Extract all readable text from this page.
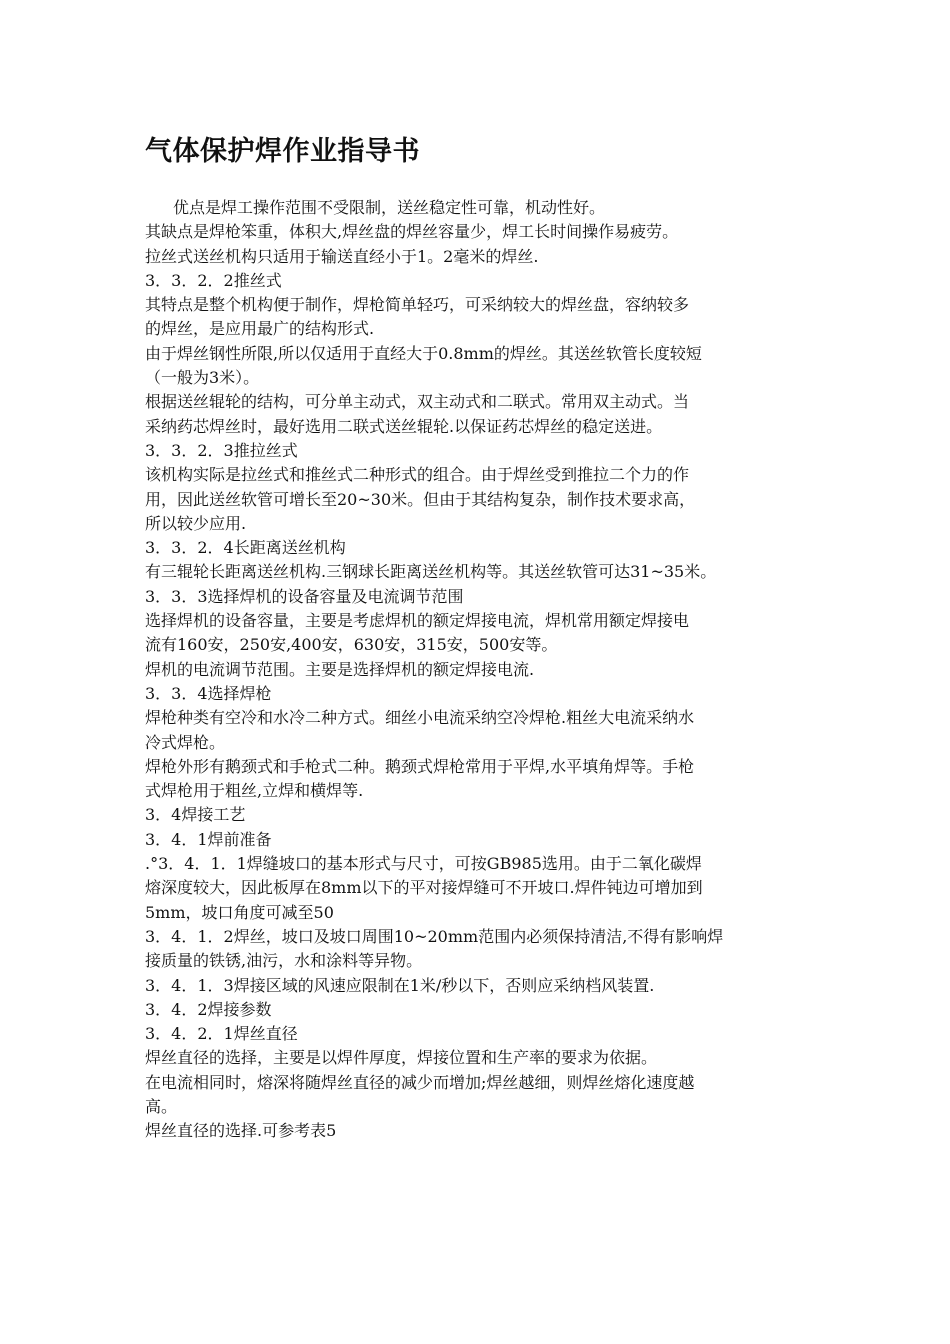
气体保护焊作业指导书
优点是焊工操作范围不受限制，送丝稳定性可靠，机动性好。
其缺点是焊枪笨重，体积大,焊丝盘的焊丝容量少，焊工长时间操作易疲劳。
拉丝式送丝机构只适用于输送直经小于1。2毫米的焊丝.
3．3．2．2推丝式
其特点是整个机构便于制作，焊枪简单轻巧，可采纳较大的焊丝盘，容纳较多
的焊丝，是应用最广的结构形式.
由于焊丝钢性所限,所以仅适用于直经大于0.8mm的焊丝。其送丝软管长度较短
（一般为3米）。
根据送丝辊轮的结构，可分单主动式，双主动式和二联式。常用双主动式。当
采纳药芯焊丝时，最好选用二联式送丝辊轮.以保证药芯焊丝的稳定送进。
3．3．2．3推拉丝式
该机构实际是拉丝式和推丝式二种形式的组合。由于焊丝受到推拉二个力的作
用，因此送丝软管可增长至20~30米。但由于其结构复杂，制作技术要求高，
所以较少应用.
3．3．2．4长距离送丝机构
有三辊轮长距离送丝机构.三钢球长距离送丝机构等。其送丝软管可达31~35米。
3．3．3选择焊机的设备容量及电流调节范围
选择焊机的设备容量，主要是考虑焊机的额定焊接电流，焊机常用额定焊接电
流有160安，250安,400安，630安，315安，500安等。
焊机的电流调节范围。主要是选择焊机的额定焊接电流.
3．3．4选择焊枪
焊枪种类有空冷和水冷二种方式。细丝小电流采纳空冷焊枪.粗丝大电流采纳水
冷式焊枪。
焊枪外形有鹅颈式和手枪式二种。鹅颈式焊枪常用于平焊,水平填角焊等。手枪
式焊枪用于粗丝,立焊和横焊等.
3．4焊接工艺
3．4．1焊前准备
.°3．4．1．1焊缝坡口的基本形式与尺寸，可按GB985选用。由于二氧化碳焊
熔深度较大，因此板厚在8mm以下的平对接焊缝可不开坡口.焊件钝边可增加到
5mm，坡口角度可减至50
3．4．1．2焊丝，坡口及坡口周围10~20mm范围内必须保持清洁,不得有影响焊
接质量的铁锈,油污，水和涂料等异物。
3．4．1．3焊接区域的风速应限制在1米/秒以下，否则应采纳档风装置.
3．4．2焊接参数
3．4．2．1焊丝直径
焊丝直径的选择，主要是以焊件厚度，焊接位置和生产率的要求为依据。
在电流相同时，熔深将随焊丝直径的减少而增加;焊丝越细，则焊丝熔化速度越
高。
焊丝直径的选择.可参考表5
